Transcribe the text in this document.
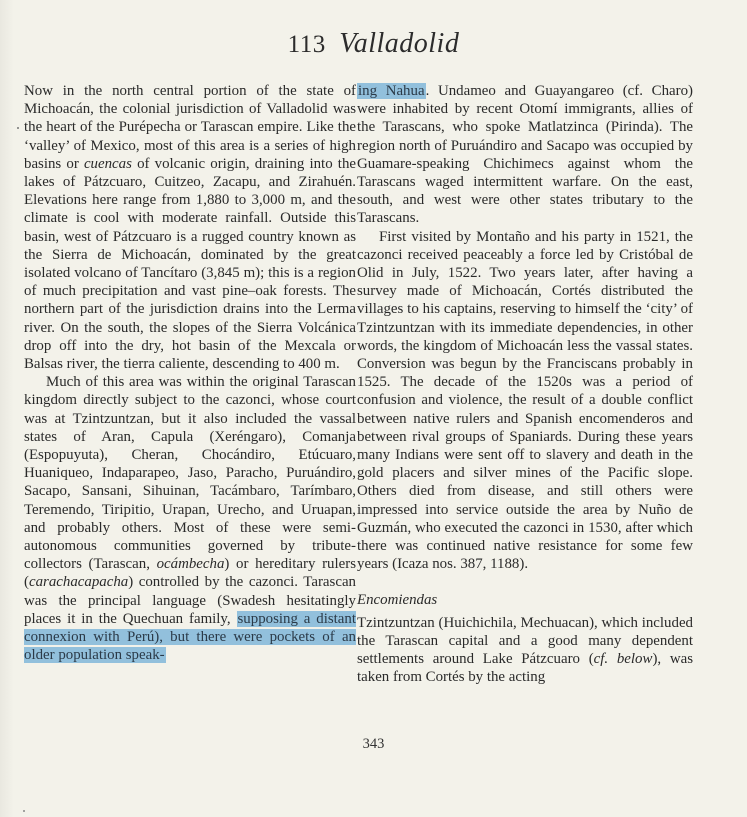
113 Valladolid

Now in the north central portion of the state of Michoacán, the colonial jurisdiction of Valladolid was the heart of the Purépecha or Tarascan empire. Like the ‘valley’ of Mexico, most of this area is a series of high basins or cuencas of volcanic origin, draining into the lakes of Pátzcuaro, Cuitzeo, Zacapu, and Zirahuén. Elevations here range from 1,880 to 3,000 m, and the climate is cool with moderate rainfall. Outside this basin, west of Pátzcuaro is a rugged country known as the Sierra de Michoacán, dominated by the great isolated volcano of Tancítaro (3,845 m); this is a region of much precipitation and vast pine–oak forests. The northern part of the jurisdiction drains into the Lerma river. On the south, the slopes of the Sierra Volcánica drop off into the dry, hot basin of the Mexcala or Balsas river, the tierra caliente, descending to 400 m.

Much of this area was within the original Tarascan kingdom directly subject to the cazonci, whose court was at Tzintzuntzan, but it also included the vassal states of Aran, Capula (Xeréngaro), Comanja (Espopuyuta), Cheran, Chocándiro, Etúcuaro, Huaniqueo, Indaparapeo, Jaso, Paracho, Puruándiro, Sacapo, Sansani, Sihuinan, Tacámbaro, Tarímbaro, Teremendo, Tiripitio, Urapan, Urecho, and Uruapan, and probably others. Most of these were semi-autonomous communities governed by tribute-collectors (Tarascan, ocámbecha) or hereditary rulers (carachacapacha) controlled by the cazonci. Tarascan was the principal language (Swadesh hesitatingly places it in the Quechuan family, supposing a distant connexion with Perú), but there were pockets of an older population speak-

ing Nahua. Undameo and Guayangareo (cf. Charo) were inhabited by recent Otomí immigrants, allies of the Tarascans, who spoke Matlatzinca (Pirinda). The region north of Puruándiro and Sacapo was occupied by Guamare-speaking Chichimecs against whom the Tarascans waged intermittent warfare. On the east, south, and west were other states tributary to the Tarascans.

First visited by Montaño and his party in 1521, the cazonci received peaceably a force led by Cristóbal de Olid in July, 1522. Two years later, after having a survey made of Michoacán, Cortés distributed the villages to his captains, reserving to himself the ‘city’ of Tzintzuntzan with its immediate dependencies, in other words, the kingdom of Michoacán less the vassal states. Conversion was begun by the Franciscans probably in 1525. The decade of the 1520s was a period of confusion and violence, the result of a double conflict between native rulers and Spanish encomenderos and between rival groups of Spaniards. During these years many Indians were sent off to slavery and death in the gold placers and silver mines of the Pacific slope. Others died from disease, and still others were impressed into service outside the area by Nuño de Guzmán, who executed the cazonci in 1530, after which there was continued native resistance for some few years (Icaza nos. 387, 1188).

Encomiendas

Tzintzuntzan (Huichichila, Mechuacan), which included the Tarascan capital and a good many dependent settlements around Lake Pátzcuaro (cf. below), was taken from Cortés by the acting

343
